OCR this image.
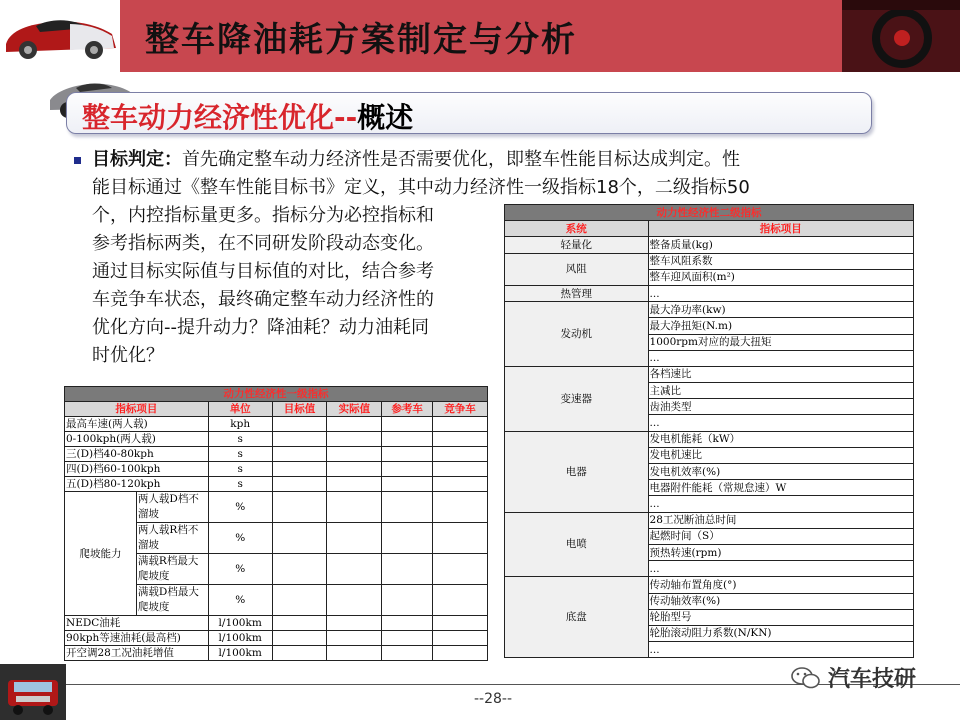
整车降油耗方案制定与分析
整车动力经济性优化--概述
目标判定：首先确定整车动力经济性是否需要优化，即整车性能目标达成判定。性
能目标通过《整车性能目标书》定义，其中动力经济性一级指标18个，二级指标50
个，内控指标量更多。指标分为必控指标和
参考指标两类，在不同研发阶段动态变化。
通过目标实际值与目标值的对比，结合参考
车竞争车状态，最终确定整车动力经济性的
优化方向--提升动力？降油耗？动力油耗同
时优化？
动力性经济性一级指标						
指标项目		单位	目标值	实际值	参考车	竞争车
最高车速(两人载)		kph				
0-100kph(两人载)		s				
三(D)档40-80kph		s				
四(D)档60-100kph		s				
五(D)档80-120kph		s				
爬坡能力	两人载D档不溜坡	%				
	两人载R档不溜坡	%				
	满载R档最大爬坡度	%				
	满载D档最大爬坡度	%				
NEDC油耗		l/100km				
90kph等速油耗(最高档)		l/100km				
开空调28工况油耗增值		l/100km				
动力性经济性二级指标	
系统	指标项目
轻量化	整备质量(kg)
风阻	整车风阻系数
	整车迎风面积(m²)
热管理	...
发动机	最大净功率(kw)
	最大净扭矩(N.m)
	1000rpm对应的最大扭矩
	...
变速器	各档速比
	主减比
	齿油类型
	...
电器	发电机能耗（kW）
	发电机速比
	发电机效率(%)
	电器附件能耗（常规怠速）W
	...
电喷	28工况断油总时间
	起燃时间（S）
	预热转速(rpm)
	...
底盘	传动轴布置角度(°)
	传动轴效率(%)
	轮胎型号
	轮胎滚动阻力系数(N/KN)
	...
--28--
汽车技研
